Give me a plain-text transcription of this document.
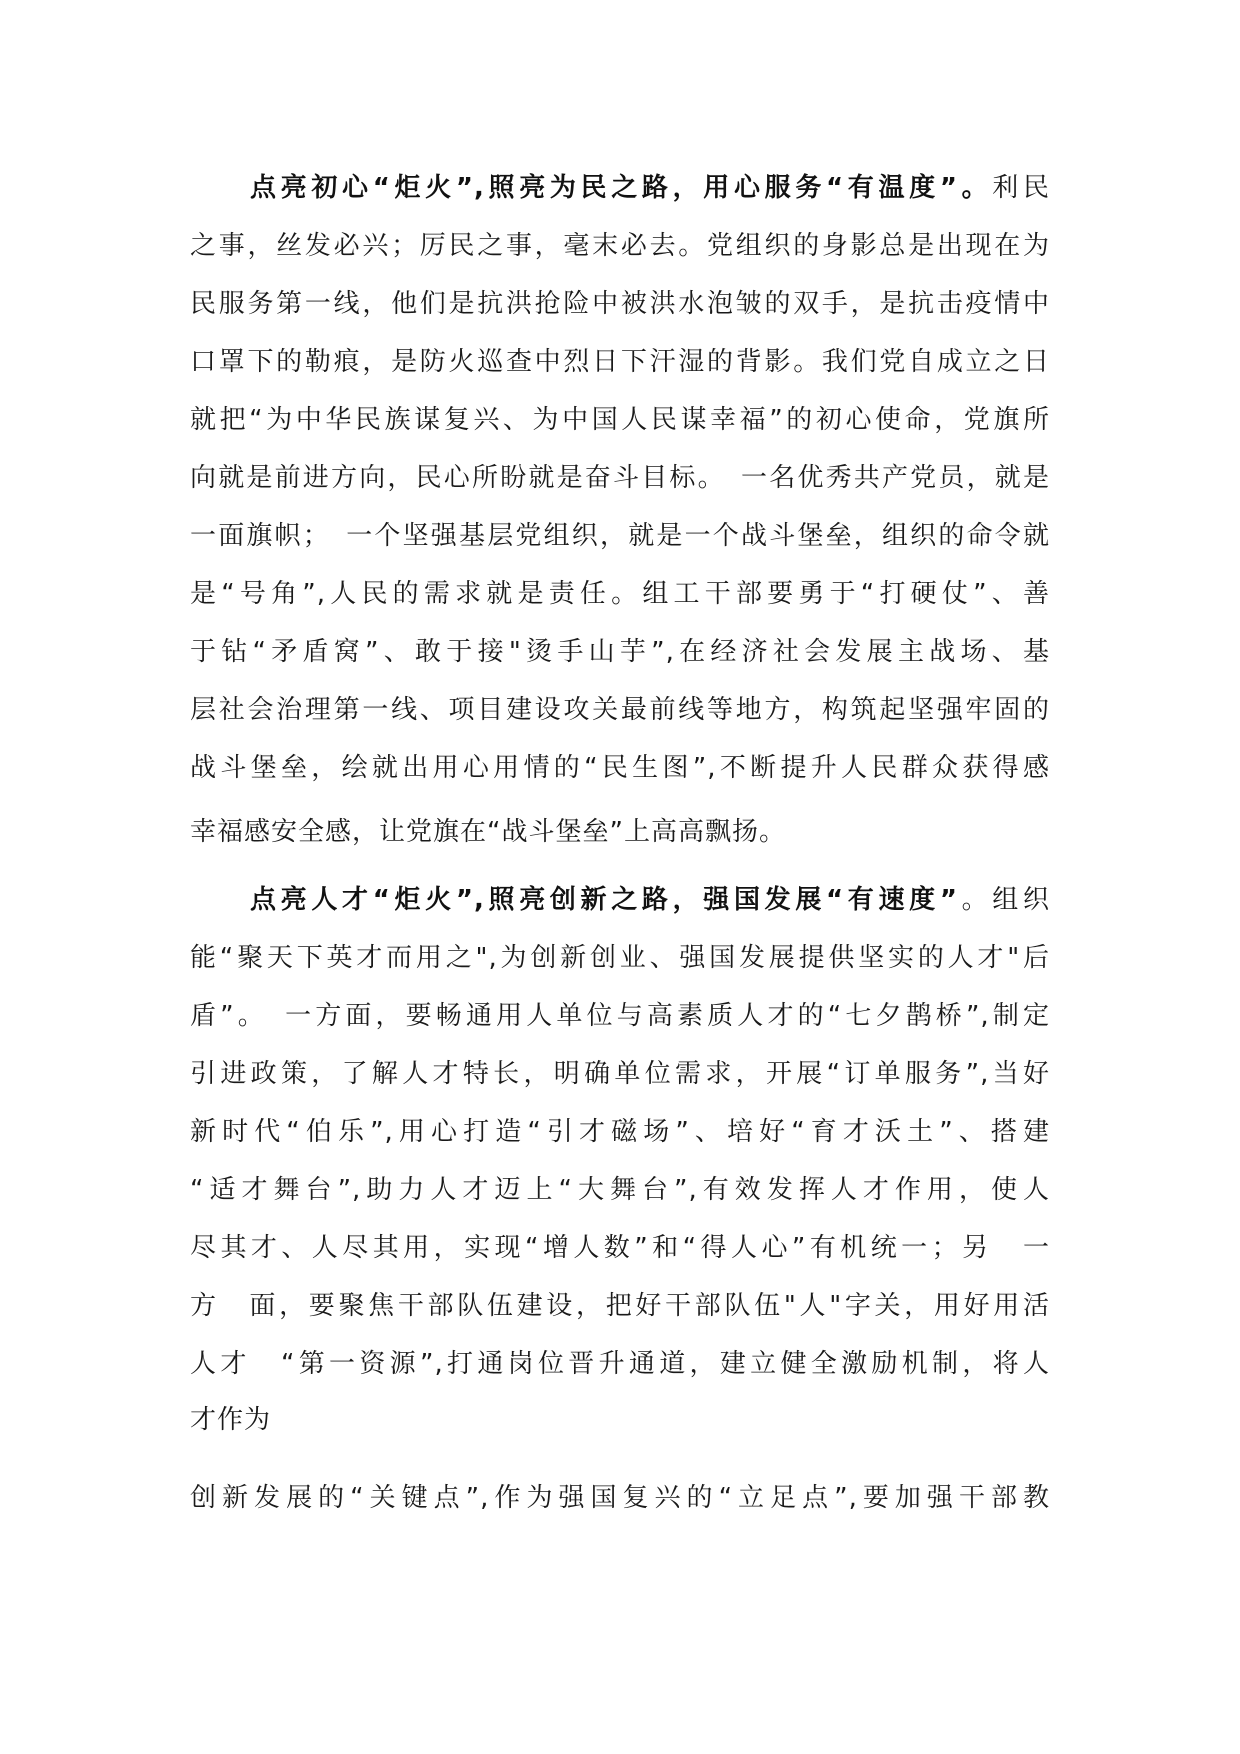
点亮初心“炬火”,照亮为民之路，用心服务“有温度”。利民
之事，丝发必兴；厉民之事，毫末必去。党组织的身影总是出现在为
民服务第一线，他们是抗洪抢险中被洪水泡皱的双手，是抗击疫情中
口罩下的勒痕，是防火巡查中烈日下汗湿的背影。我们党自成立之日
就把“为中华民族谋复兴、为中国人民谋幸福”的初心使命，党旗所
向就是前进方向，民心所盼就是奋斗目标。　一名优秀共产党员，就是
一面旗帜；　一个坚强基层党组织，就是一个战斗堡垒，组织的命令就
是“号角”,人民的需求就是责任。组工干部要勇于“打硬仗”、善
于钻“矛盾窝”、敢于接"烫手山芋”,在经济社会发展主战场、基
层社会治理第一线、项目建设攻关最前线等地方，构筑起坚强牢固的
战斗堡垒，绘就出用心用情的“民生图”,不断提升人民群众获得感
幸福感安全感，让党旗在“战斗堡垒”上高高飘扬。
点亮人才“炬火”,照亮创新之路，强国发展“有速度”。组织
能“聚天下英才而用之",为创新创业、强国发展提供坚实的人才"后
盾”。　一方面，要畅通用人单位与高素质人才的“七夕鹊桥”,制定
引进政策，了解人才特长，明确单位需求，开展“订单服务”,当好
新时代“伯乐”,用心打造“引才磁场”、培好“育才沃土”、搭建
“适才舞台”,助力人才迈上“大舞台”,有效发挥人才作用，使人
尽其才、人尽其用，实现“增人数”和“得人心”有机统一；另　一
方　面，要聚焦干部队伍建设，把好干部队伍"人"字关，用好用活
人才　“第一资源”,打通岗位晋升通道，建立健全激励机制，将人
才作为
创新发展的“关键点”,作为强国复兴的“立足点”,要加强干部教
